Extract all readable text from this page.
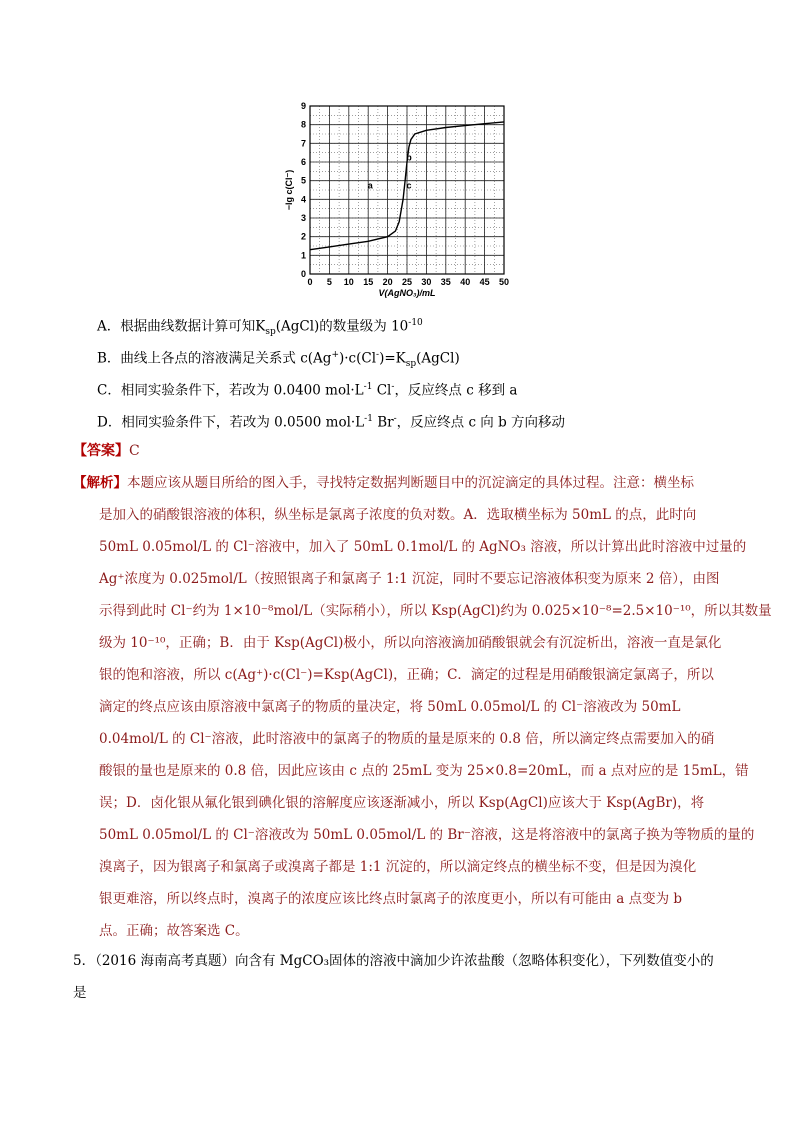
0 5 10 15 20 25 30 35 40 45 50
0
1
2
3
4
5
6
7
8
9
V(AgNO₃)/mL
−lg c(Cl⁻)	a
b
c
A．根据曲线数据计算可知$K_{sp}(AgCl)$的数量级为 $10^{-10}$
B．曲线上各点的溶液满足关系式 $c(Ag^+)\cdot c(Cl^-)=K_{sp}(AgCl)$
C．相同实验条件下，若改为 0.0400 $mol\cdot L^{-1}$ Cl-，反应终点 c 移到 a
D．相同实验条件下，若改为 0.0500 $mol\cdot L^{-1}$ Br-，反应终点 c 向 b 方向移动
【答案】C
【解析】本题应该从题目所给的图入手，寻找特定数据判断题目中的沉淀滴定的具体过程。注意：横坐标
是加入的硝酸银溶液的体积，纵坐标是氯离子浓度的负对数。A．选取横坐标为 50mL 的点，此时向
50mL 0.05mol/L 的 Cl⁻溶液中，加入了 50mL 0.1mol/L 的 AgNO₃ 溶液，所以计算出此时溶液中过量的
Ag⁺浓度为 0.025mol/L（按照银离子和氯离子 1:1 沉淀，同时不要忘记溶液体积变为原来 2 倍），由图
示得到此时 Cl⁻约为 1×10⁻⁸mol/L（实际稍小），所以 Ksp(AgCl)约为 0.025×10⁻⁸=2.5×10⁻¹⁰，所以其数量
级为 10⁻¹⁰，正确；B．由于 Ksp(AgCl)极小，所以向溶液滴加硝酸银就会有沉淀析出，溶液一直是氯化
银的饱和溶液，所以 c(Ag⁺)·c(Cl⁻)=Ksp(AgCl)，正确；C．滴定的过程是用硝酸银滴定氯离子，所以
滴定的终点应该由原溶液中氯离子的物质的量决定，将 50mL 0.05mol/L 的 Cl⁻溶液改为 50mL
0.04mol/L 的 Cl⁻溶液，此时溶液中的氯离子的物质的量是原来的 0.8 倍，所以滴定终点需要加入的硝
酸银的量也是原来的 0.8 倍，因此应该由 c 点的 25mL 变为 25×0.8=20mL，而 a 点对应的是 15mL，错
误；D．卤化银从氟化银到碘化银的溶解度应该逐渐减小，所以 Ksp(AgCl)应该大于 Ksp(AgBr)，将
50mL 0.05mol/L 的 Cl⁻溶液改为 50mL 0.05mol/L 的 Br⁻溶液，这是将溶液中的氯离子换为等物质的量的
溴离子，因为银离子和氯离子或溴离子都是 1:1 沉淀的，所以滴定终点的横坐标不变，但是因为溴化
银更难溶，所以终点时，溴离子的浓度应该比终点时氯离子的浓度更小，所以有可能由 a 点变为 b
点。正确；故答案选 C。
5．（2016 海南高考真题）向含有 MgCO₃固体的溶液中滴加少许浓盐酸（忽略体积变化），下列数值变小的
是
